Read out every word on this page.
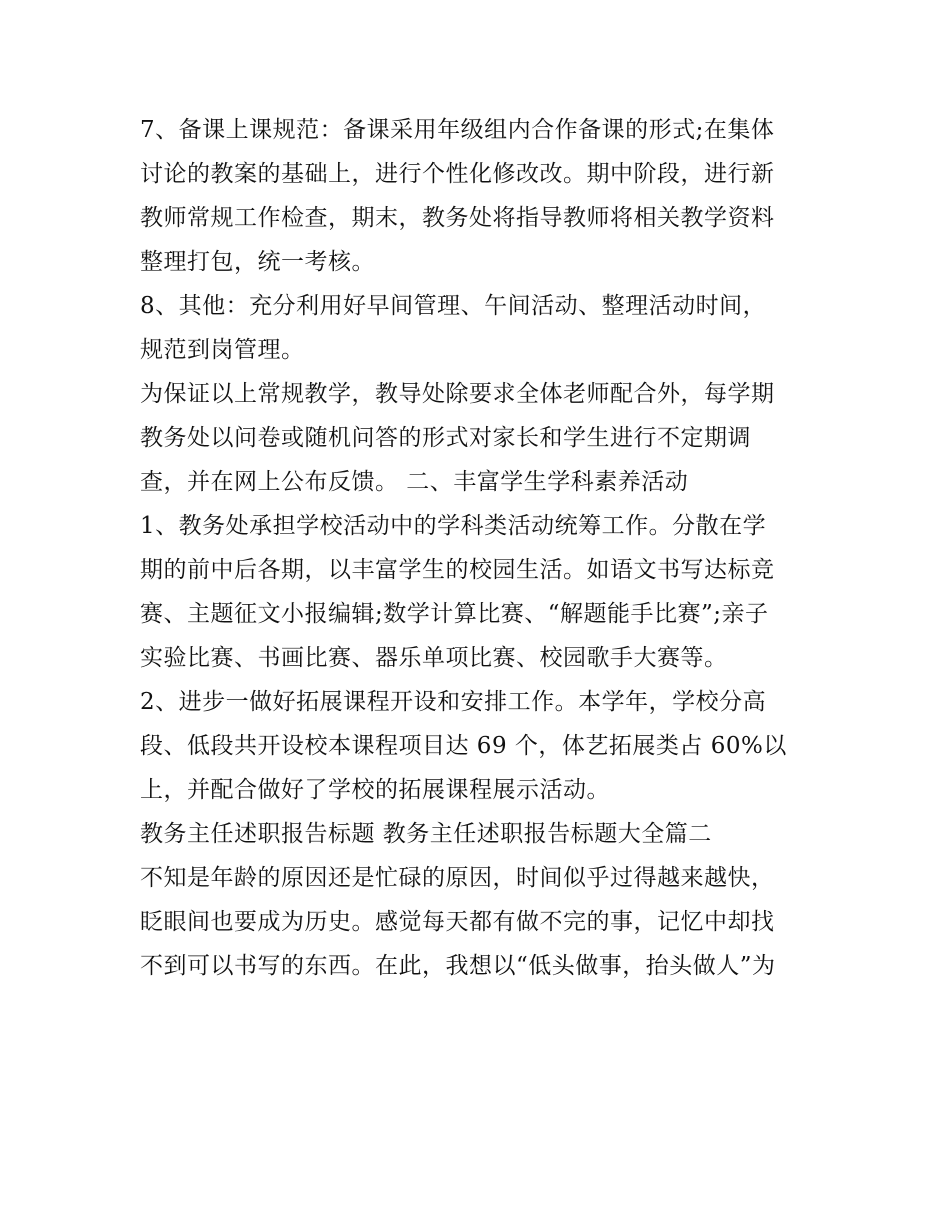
7、备课上课规范：备课采用年级组内合作备课的形式;在集体
讨论的教案的基础上，进行个性化修改改。期中阶段，进行新
教师常规工作检查，期末，教务处将指导教师将相关教学资料
整理打包，统一考核。
8、其他：充分利用好早间管理、午间活动、整理活动时间，
规范到岗管理。
为保证以上常规教学，教导处除要求全体老师配合外，每学期
教务处以问卷或随机问答的形式对家长和学生进行不定期调
查，并在网上公布反馈。 二、丰富学生学科素养活动
1、教务处承担学校活动中的学科类活动统筹工作。分散在学
期的前中后各期，以丰富学生的校园生活。如语文书写达标竞
赛、主题征文小报编辑;数学计算比赛、“解题能手比赛”;亲子
实验比赛、书画比赛、器乐单项比赛、校园歌手大赛等。
2、进步一做好拓展课程开设和安排工作。本学年，学校分高
段、低段共开设校本课程项目达 69 个，体艺拓展类占 60%以
上，并配合做好了学校的拓展课程展示活动。
教务主任述职报告标题 教务主任述职报告标题大全篇二
不知是年龄的原因还是忙碌的原因，时间似乎过得越来越快，
眨眼间也要成为历史。感觉每天都有做不完的事，记忆中却找
不到可以书写的东西。在此，我想以“低头做事，抬头做人”为
